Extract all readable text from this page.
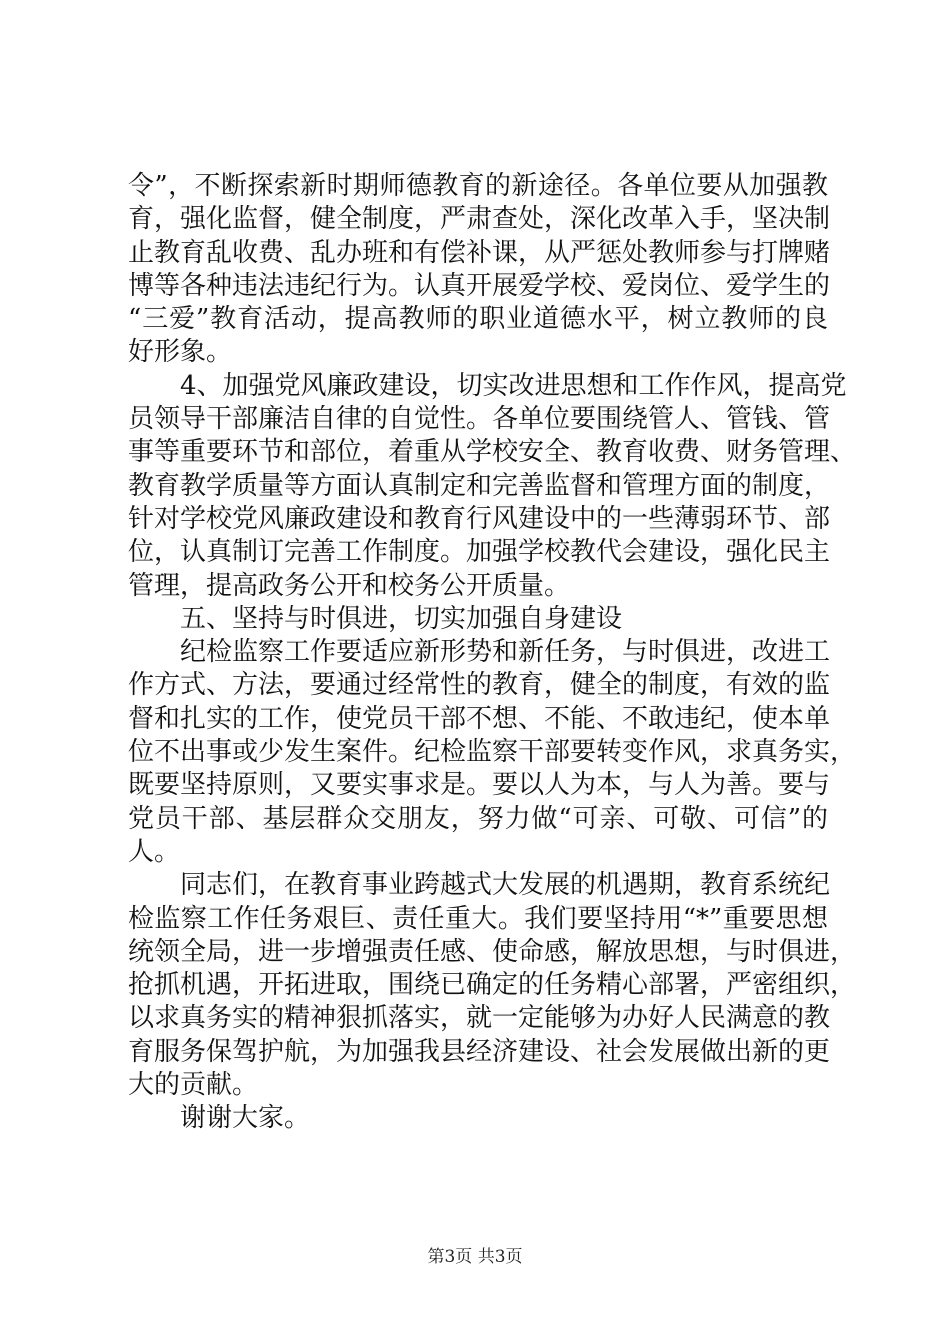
令”，不断探索新时期师德教育的新途径。各单位要从加强教
育，强化监督，健全制度，严肃查处，深化改革入手，坚决制
止教育乱收费、乱办班和有偿补课，从严惩处教师参与打牌赌
博等各种违法违纪行为。认真开展爱学校、爱岗位、爱学生的
“三爱”教育活动，提高教师的职业道德水平，树立教师的良
好形象。
4、加强党风廉政建设，切实改进思想和工作作风，提高党
员领导干部廉洁自律的自觉性。各单位要围绕管人、管钱、管
事等重要环节和部位，着重从学校安全、教育收费、财务管理、
教育教学质量等方面认真制定和完善监督和管理方面的制度，
针对学校党风廉政建设和教育行风建设中的一些薄弱环节、部
位，认真制订完善工作制度。加强学校教代会建设，强化民主
管理，提高政务公开和校务公开质量。
五、坚持与时俱进，切实加强自身建设
纪检监察工作要适应新形势和新任务，与时俱进，改进工
作方式、方法，要通过经常性的教育，健全的制度，有效的监
督和扎实的工作，使党员干部不想、不能、不敢违纪，使本单
位不出事或少发生案件。纪检监察干部要转变作风，求真务实，
既要坚持原则，又要实事求是。要以人为本，与人为善。要与
党员干部、基层群众交朋友，努力做“可亲、可敬、可信”的
人。
同志们，在教育事业跨越式大发展的机遇期，教育系统纪
检监察工作任务艰巨、责任重大。我们要坚持用“*”重要思想
统领全局，进一步增强责任感、使命感，解放思想，与时俱进，
抢抓机遇，开拓进取，围绕已确定的任务精心部署，严密组织，
以求真务实的精神狠抓落实，就一定能够为办好人民满意的教
育服务保驾护航，为加强我县经济建设、社会发展做出新的更
大的贡献。
谢谢大家。
第3页 共3页
